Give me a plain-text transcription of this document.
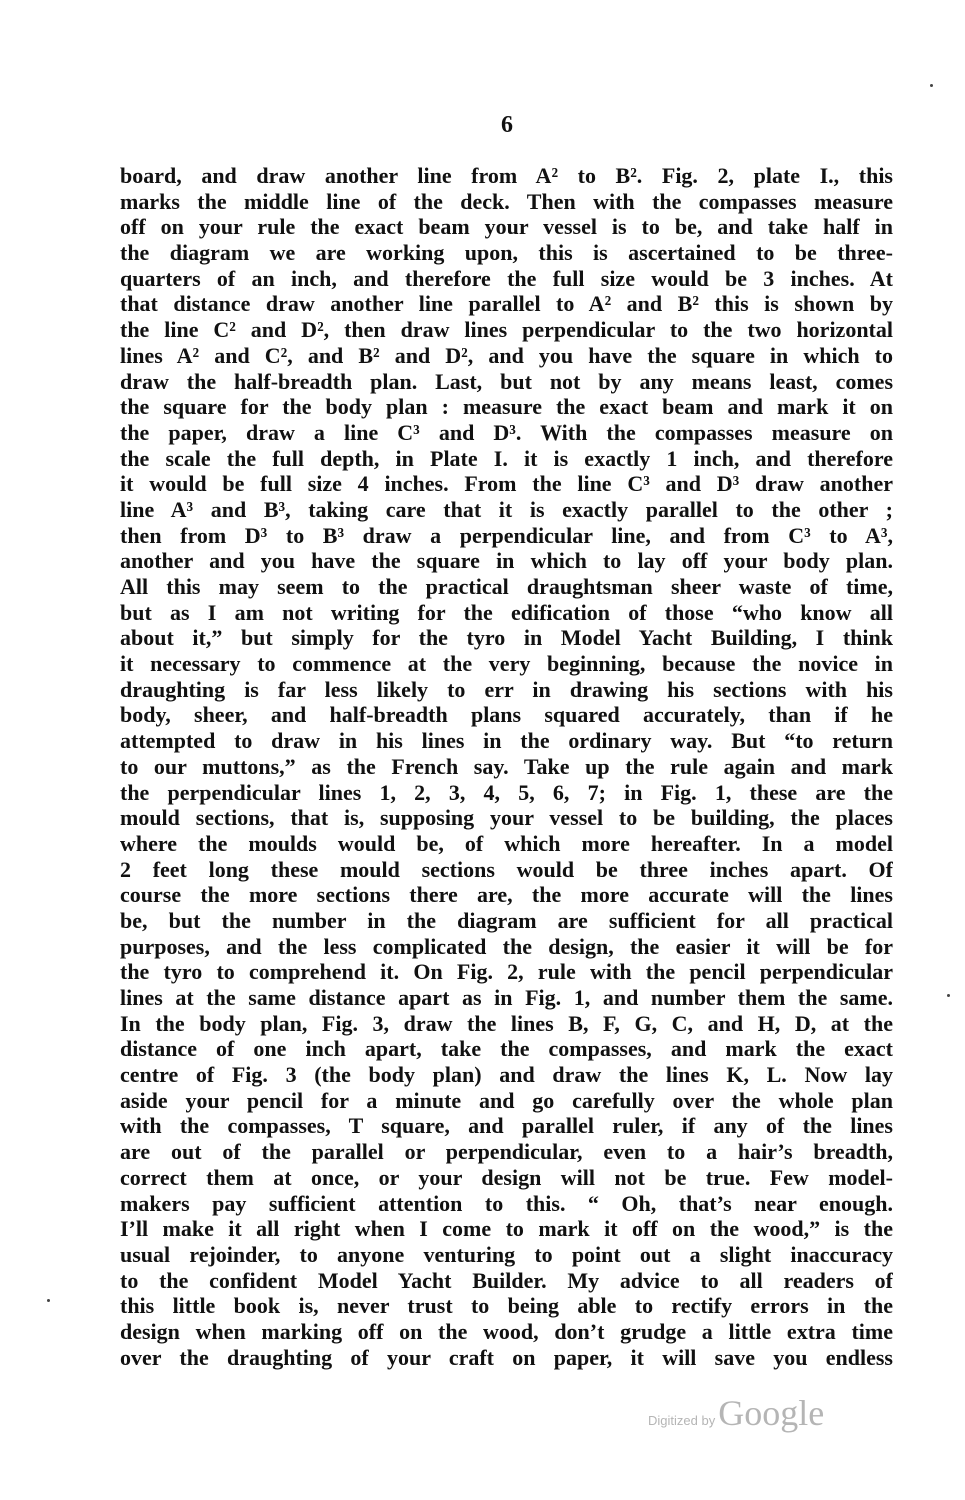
6
board, and draw another line from A² to B². Fig. 2, plate I., this
marks the middle line of the deck. Then with the compasses measure
off on your rule the exact beam your vessel is to be, and take half in
the diagram we are working upon, this is ascertained to be three-
quarters of an inch, and therefore the full size would be 3 inches. At
that distance draw another line parallel to A² and B² this is shown by
the line C² and D², then draw lines perpendicular to the two horizontal
lines A² and C², and B² and D², and you have the square in which to
draw the half-breadth plan. Last, but not by any means least, comes
the square for the body plan : measure the exact beam and mark it on
the paper, draw a line C³ and D³. With the compasses measure on
the scale the full depth, in Plate I. it is exactly 1 inch, and therefore
it would be full size 4 inches. From the line C³ and D³ draw another
line A³ and B³, taking care that it is exactly parallel to the other ;
then from D³ to B³ draw a perpendicular line, and from C³ to A³,
another and you have the square in which to lay off your body plan.
All this may seem to the practical draughtsman sheer waste of time,
but as I am not writing for the edification of those “who know all
about it,” but simply for the tyro in Model Yacht Building, I think
it necessary to commence at the very beginning, because the novice in
draughting is far less likely to err in drawing his sections with his
body, sheer, and half-breadth plans squared accurately, than if he
attempted to draw in his lines in the ordinary way. But “to return
to our muttons,” as the French say. Take up the rule again and mark
the perpendicular lines 1, 2, 3, 4, 5, 6, 7; in Fig. 1, these are the
mould sections, that is, supposing your vessel to be building, the places
where the moulds would be, of which more hereafter. In a model
2 feet long these mould sections would be three inches apart. Of
course the more sections there are, the more accurate will the lines
be, but the number in the diagram are sufficient for all practical
purposes, and the less complicated the design, the easier it will be for
the tyro to comprehend it. On Fig. 2, rule with the pencil perpendicular
lines at the same distance apart as in Fig. 1, and number them the same.
In the body plan, Fig. 3, draw the lines B, F, G, C, and H, D, at the
distance of one inch apart, take the compasses, and mark the exact
centre of Fig. 3 (the body plan) and draw the lines K, L. Now lay
aside your pencil for a minute and go carefully over the whole plan
with the compasses, T square, and parallel ruler, if any of the lines
are out of the parallel or perpendicular, even to a hair’s breadth,
correct them at once, or your design will not be true. Few model-
makers pay sufficient attention to this. “ Oh, that’s near enough.
I’ll make it all right when I come to mark it off on the wood,” is the
usual rejoinder, to anyone venturing to point out a slight inaccuracy
to the confident Model Yacht Builder. My advice to all readers of
this little book is, never trust to being able to rectify errors in the
design when marking off on the wood, don’t grudge a little extra time
over the draughting of your craft on paper, it will save you endless
Digitized byGoogle
